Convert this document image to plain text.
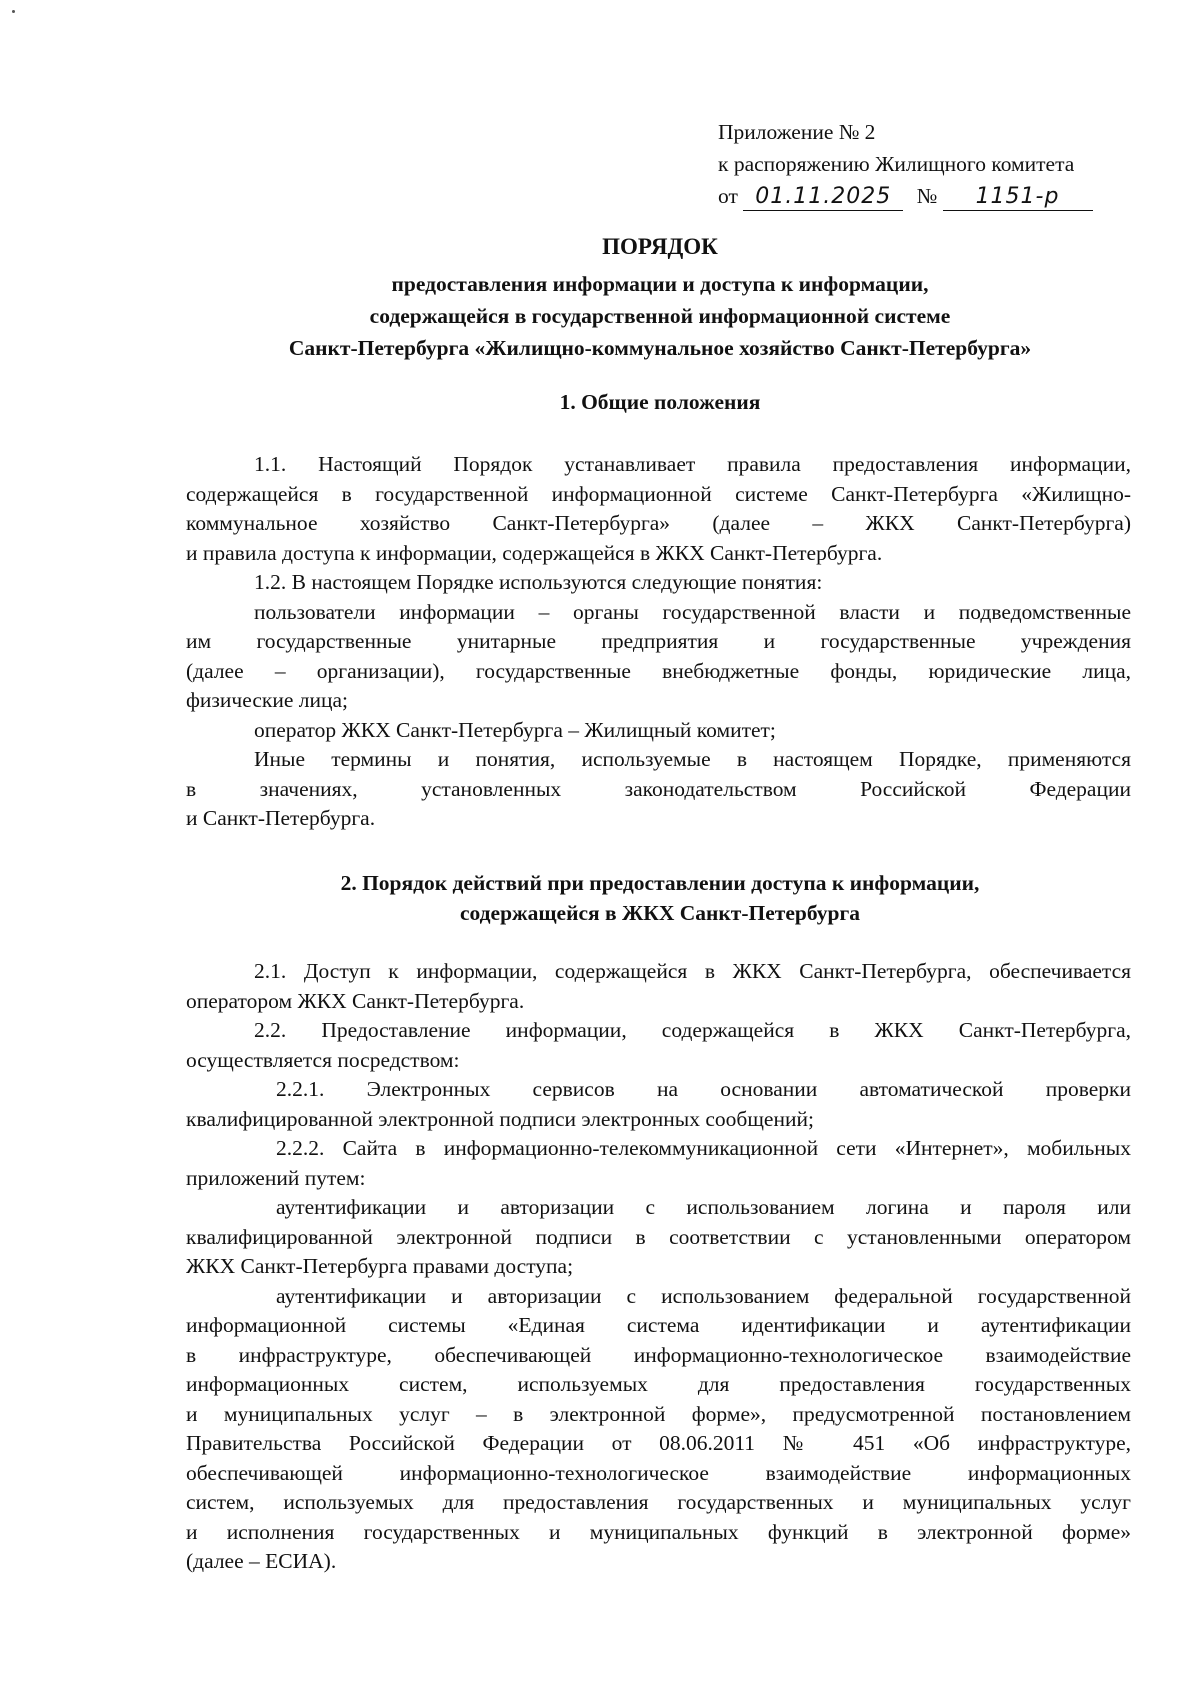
Приложение № 2
к распоряжению Жилищного комитета
от 01.11.2025 № 1151-р
ПОРЯДОК
предоставления информации и доступа к информации,
содержащейся в государственной информационной системе
Санкт-Петербурга «Жилищно-коммунальное хозяйство Санкт-Петербурга»
1. Общие положения
1.1. Настоящий Порядок устанавливает правила предоставления информации,
содержащейся в государственной информационной системе Санкт-Петербурга «Жилищно-
коммунальное хозяйство Санкт-Петербурга» (далее – ЖКХ Санкт-Петербурга)
и правила доступа к информации, содержащейся в ЖКХ Санкт-Петербурга.
1.2. В настоящем Порядке используются следующие понятия:
пользователи информации – органы государственной власти и подведомственные
им государственные унитарные предприятия и государственные учреждения
(далее – организации), государственные внебюджетные фонды, юридические лица,
физические лица;
оператор ЖКХ Санкт-Петербурга – Жилищный комитет;
Иные термины и понятия, используемые в настоящем Порядке, применяются
в значениях, установленных законодательством Российской Федерации
и Санкт-Петербурга.
2. Порядок действий при предоставлении доступа к информации,
содержащейся в ЖКХ Санкт-Петербурга
2.1. Доступ к информации, содержащейся в ЖКХ Санкт-Петербурга, обеспечивается
оператором ЖКХ Санкт-Петербурга.
2.2. Предоставление информации, содержащейся в ЖКХ Санкт-Петербурга,
осуществляется посредством:
2.2.1. Электронных сервисов на основании автоматической проверки
квалифицированной электронной подписи электронных сообщений;
2.2.2. Сайта в информационно-телекоммуникационной сети «Интернет», мобильных
приложений путем:
аутентификации и авторизации с использованием логина и пароля или
квалифицированной электронной подписи в соответствии с установленными оператором
ЖКХ Санкт-Петербурга правами доступа;
аутентификации и авторизации с использованием федеральной государственной
информационной системы «Единая система идентификации и аутентификации
в инфраструктуре, обеспечивающей информационно-технологическое взаимодействие
информационных систем, используемых для предоставления государственных
и муниципальных услуг – в электронной форме», предусмотренной постановлением
Правительства Российской Федерации от 08.06.2011 № 451 «Об инфраструктуре,
обеспечивающей информационно-технологическое взаимодействие информационных
систем, используемых для предоставления государственных и муниципальных услуг
и исполнения государственных и муниципальных функций в электронной форме»
(далее – ЕСИА).
